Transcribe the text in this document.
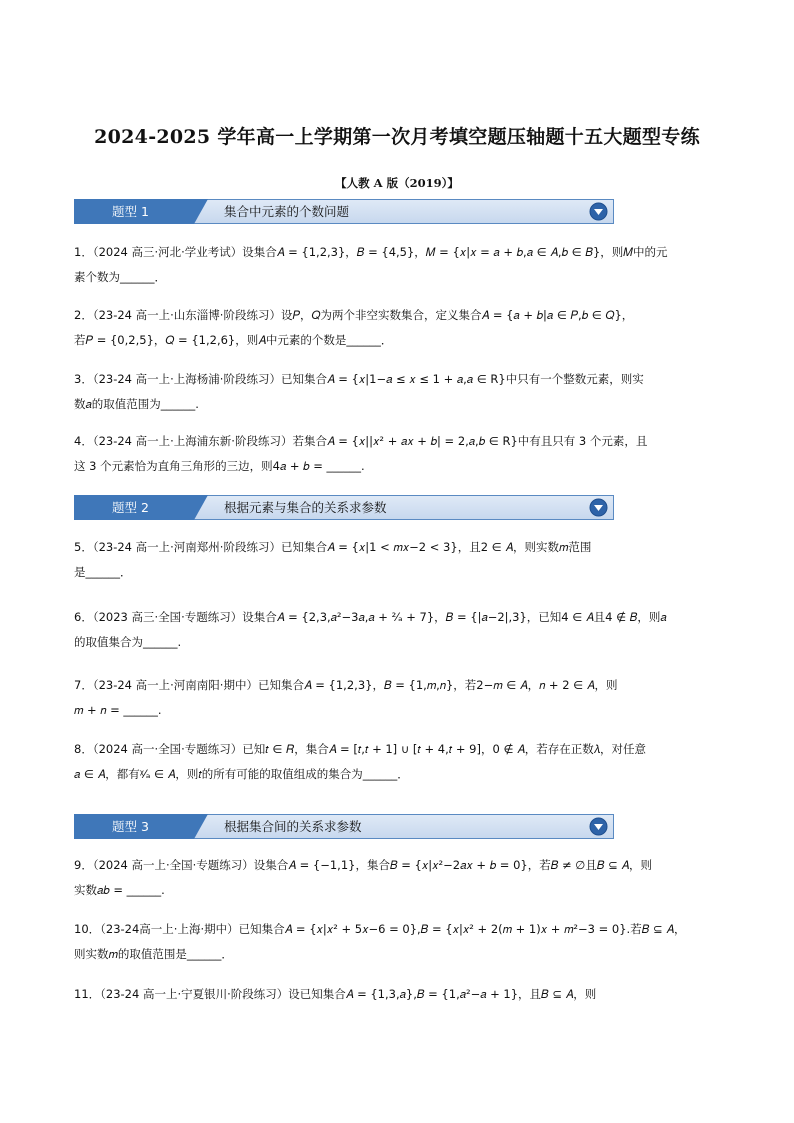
2024-2025 学年高一上学期第一次月考填空题压轴题十五大题型专练
【人教 A 版（2019）】
题型 1	集合中元素的个数问题
1．（2024 高三·河北·学业考试）设集合𝐴 = {1,2,3}，𝐵 = {4,5}，𝑀 = {𝑥|𝑥 = 𝑎 + 𝑏,𝑎 ∈ 𝐴,𝑏 ∈ 𝐵}，则𝑀中的元
素个数为______．
2．（23-24 高一上·山东淄博·阶段练习）设𝑃，𝑄为两个非空实数集合，定义集合𝐴 = {𝑎 + 𝑏|𝑎 ∈ 𝑃,𝑏 ∈ 𝑄}，
若𝑃 = {0,2,5}，𝑄 = {1,2,6}，则𝐴中元素的个数是______．
3．（23-24 高一上·上海杨浦·阶段练习）已知集合𝐴 = {𝑥|1−𝑎 ≤ 𝑥 ≤ 1 + 𝑎,𝑎 ∈ R}中只有一个整数元素，则实
数𝑎的取值范围为______.
4．（23-24 高一上·上海浦东新·阶段练习）若集合𝐴 = {𝑥||𝑥² + 𝑎𝑥 + 𝑏| = 2,𝑎,𝑏 ∈ R}中有且只有 3 个元素，且
这 3 个元素恰为直角三角形的三边，则4𝑎 + 𝑏 = ______.
题型 2	根据元素与集合的关系求参数
5．（23-24 高一上·河南郑州·阶段练习）已知集合𝐴 = {𝑥|1 < 𝑚𝑥−2 < 3}，且2 ∈ 𝐴，则实数𝑚范围
是______．
6．（2023 高三·全国·专题练习）设集合𝐴 = {2,3,𝑎²−3𝑎,𝑎 + ²⁄ₐ + 7}，𝐵 = {|𝑎−2|,3}，已知4 ∈ 𝐴且4 ∉ 𝐵，则𝑎
的取值集合为______.
7．（23-24 高一上·河南南阳·期中）已知集合𝐴 = {1,2,3}，𝐵 = {1,𝑚,𝑛}，若2−𝑚 ∈ 𝐴，𝑛 + 2 ∈ 𝐴，则
𝑚 + 𝑛 = ______.
8．（2024 高一·全国·专题练习）已知𝑡 ∈ 𝑅，集合𝐴 = [𝑡,𝑡 + 1] ∪ [𝑡 + 4,𝑡 + 9]，0 ∉ 𝐴，若存在正数𝜆，对任意
𝑎 ∈ 𝐴，都有ᵡ⁄ₐ ∈ 𝐴，则𝑡的所有可能的取值组成的集合为______．
题型 3	根据集合间的关系求参数
9．（2024 高一上·全国·专题练习）设集合𝐴 = {−1,1}，集合𝐵 = {𝑥|𝑥²−2𝑎𝑥 + 𝑏 = 0}，若𝐵 ≠ ∅且𝐵 ⊆ 𝐴，则
实数𝑎𝑏 = ______.
10．（23-24高一上·上海·期中）已知集合𝐴 = {𝑥|𝑥² + 5𝑥−6 = 0},𝐵 = {𝑥|𝑥² + 2(𝑚 + 1)𝑥 + 𝑚²−3 = 0}.若𝐵 ⊆ 𝐴，
则实数𝑚的取值范围是______．
11．（23-24 高一上·宁夏银川·阶段练习）设已知集合𝐴 = {1,3,𝑎},𝐵 = {1,𝑎²−𝑎 + 1}，且𝐵 ⊆ 𝐴，则
